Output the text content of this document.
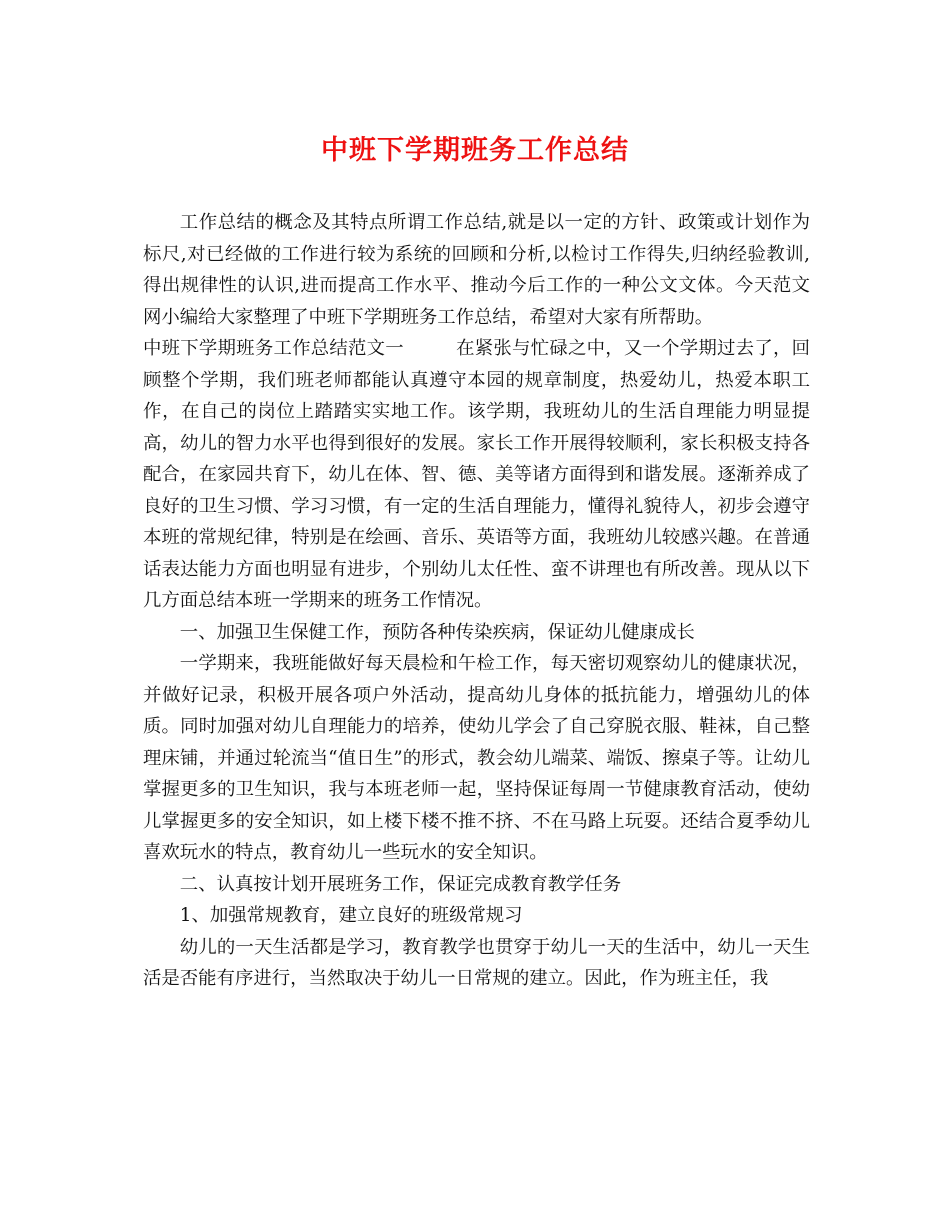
中班下学期班务工作总结

工作总结的概念及其特点所谓工作总结,就是以一定的方针、政策或计划作为标尺,对已经做的工作进行较为系统的回顾和分析,以检讨工作得失,归纳经验教训,得出规律性的认识,进而提高工作水平、推动今后工作的一种公文文体。今天范文网小编给大家整理了中班下学期班务工作总结，希望对大家有所帮助。

中班下学期班务工作总结范文一	在紧张与忙碌之中，又一个学期过去了，回顾整个学期，我们班老师都能认真遵守本园的规章制度，热爱幼儿，热爱本职工作，在自己的岗位上踏踏实实地工作。该学期，我班幼儿的生活自理能力明显提高，幼儿的智力水平也得到很好的发展。家长工作开展得较顺利，家长积极支持各配合，在家园共育下，幼儿在体、智、德、美等诸方面得到和谐发展。逐渐养成了良好的卫生习惯、学习习惯，有一定的生活自理能力，懂得礼貌待人，初步会遵守本班的常规纪律，特别是在绘画、音乐、英语等方面，我班幼儿较感兴趣。在普通话表达能力方面也明显有进步，个别幼儿太任性、蛮不讲理也有所改善。现从以下几方面总结本班一学期来的班务工作情况。

一、加强卫生保健工作，预防各种传染疾病，保证幼儿健康成长

一学期来，我班能做好每天晨检和午检工作，每天密切观察幼儿的健康状况，并做好记录，积极开展各项户外活动，提高幼儿身体的抵抗能力，增强幼儿的体质。同时加强对幼儿自理能力的培养，使幼儿学会了自己穿脱衣服、鞋袜，自己整理床铺，并通过轮流当“值日生”的形式，教会幼儿端菜、端饭、擦桌子等。让幼儿掌握更多的卫生知识，我与本班老师一起，坚持保证每周一节健康教育活动，使幼儿掌握更多的安全知识，如上楼下楼不推不挤、不在马路上玩耍。还结合夏季幼儿喜欢玩水的特点，教育幼儿一些玩水的安全知识。

二、认真按计划开展班务工作，保证完成教育教学任务

1、加强常规教育，建立良好的班级常规习

幼儿的一天生活都是学习，教育教学也贯穿于幼儿一天的生活中，幼儿一天生活是否能有序进行，当然取决于幼儿一日常规的建立。因此，作为班主任，我
